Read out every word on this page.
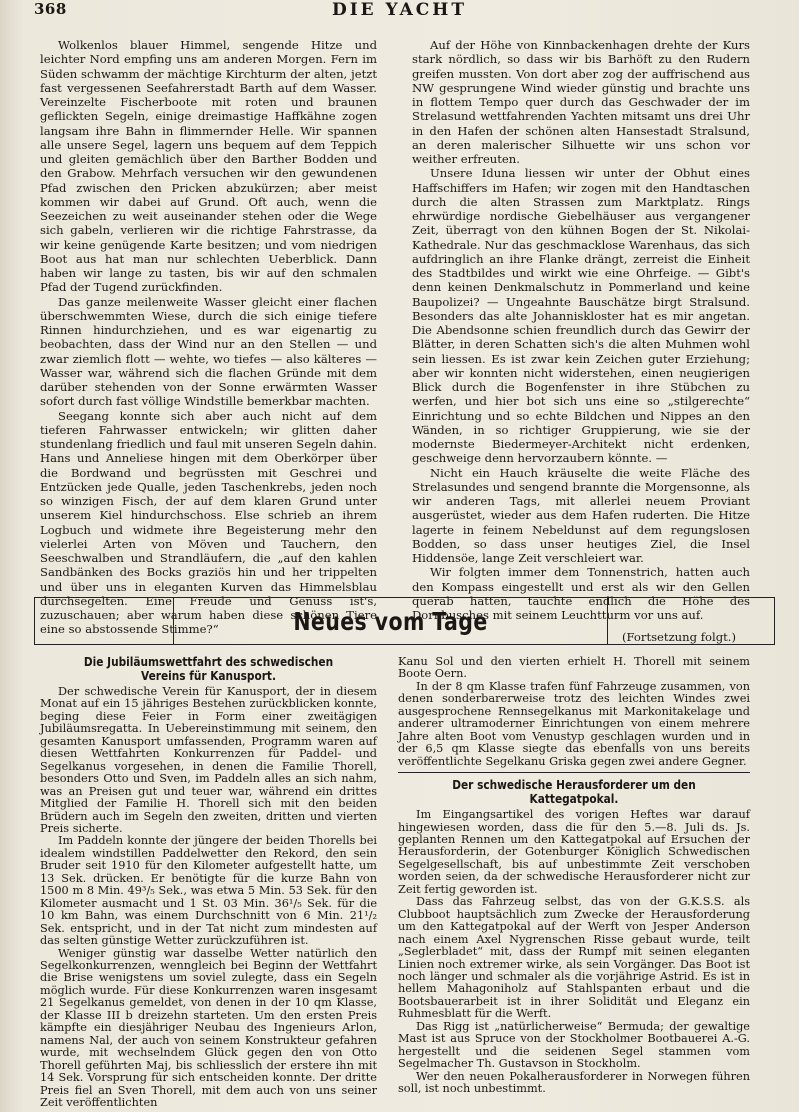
368	DIE YACHT

Wolkenlos blauer Himmel, sengende Hitze und leichter Nord empfing uns am anderen Morgen. Fern im Süden schwamm der mächtige Kirchturm der alten, jetzt fast vergessenen Seefahrerstadt Barth auf dem Wasser. Vereinzelte Fischerboote mit roten und braunen geflickten Segeln, einige dreimastige Haffkähne zogen langsam ihre Bahn in flimmernder Helle. Wir spannen alle unsere Segel, lagern uns bequem auf dem Teppich und gleiten gemächlich über den Barther Bodden und den Grabow. Mehrfach versuchen wir den gewundenen Pfad zwischen den Pricken abzukürzen; aber meist kommen wir dabei auf Grund. Oft auch, wenn die Seezeichen zu weit auseinander stehen oder die Wege sich gabeln, verlieren wir die richtige Fahrstrasse, da wir keine genügende Karte besitzen; und vom niedrigen Boot aus hat man nur schlechten Ueberblick. Dann haben wir lange zu tasten, bis wir auf den schmalen Pfad der Tugend zurückfinden.

Das ganze meilenweite Wasser gleicht einer flachen überschwemmten Wiese, durch die sich einige tiefere Rinnen hindurchziehen, und es war eigenartig zu beobachten, dass der Wind nur an den Stellen — und zwar ziemlich flott — wehte, wo tiefes — also kälteres — Wasser war, während sich die flachen Gründe mit dem darüber stehenden von der Sonne erwärmten Wasser sofort durch fast völlige Windstille bemerkbar machten.

Seegang konnte sich aber auch nicht auf dem tieferen Fahrwasser entwickeln; wir glitten daher stundenlang friedlich und faul mit unseren Segeln dahin. Hans und Anneliese hingen mit dem Oberkörper über die Bordwand und begrüssten mit Geschrei und Entzücken jede Qualle, jeden Taschenkrebs, jeden noch so winzigen Fisch, der auf dem klaren Grund unter unserem Kiel hindurchschoss. Else schrieb an ihrem Logbuch und widmete ihre Begeisterung mehr den vielerlei Arten von Möven und Tauchern, den Seeschwalben und Strandläufern, die „auf den kahlen Sandbänken des Bocks graziös hin und her trippelten und über uns in eleganten Kurven das Himmelsblau durchsegelten. Eine Freude und Genuss ist's, zuzuschauen; aber warum haben diese schönen Tiere eine so abstossende Stimme?“

Auf der Höhe von Kinnbackenhagen drehte der Kurs stark nördlich, so dass wir bis Barhöft zu den Rudern greifen mussten. Von dort aber zog der auffrischend aus NW gesprungene Wind wieder günstig und brachte uns in flottem Tempo quer durch das Geschwader der im Strelasund wettfahrenden Yachten mitsamt uns drei Uhr in den Hafen der schönen alten Hansestadt Stralsund, an deren malerischer Silhuette wir uns schon vor weither erfreuten.

Unsere Iduna liessen wir unter der Obhut eines Haffschiffers im Hafen; wir zogen mit den Handtaschen durch die alten Strassen zum Marktplatz. Rings ehrwürdige nordische Giebelhäuser aus vergangener Zeit, überragt von den kühnen Bogen der St. Nikolai-Kathedrale. Nur das geschmacklose Warenhaus, das sich aufdringlich an ihre Flanke drängt, zerreist die Einheit des Stadtbildes und wirkt wie eine Ohrfeige. — Gibt's denn keinen Denkmalschutz in Pommerland und keine Baupolizei? — Ungeahnte Bauschätze birgt Stralsund. Besonders das alte Johanniskloster hat es mir angetan. Die Abendsonne schien freundlich durch das Gewirr der Blätter, in deren Schatten sich's die alten Muhmen wohl sein liessen. Es ist zwar kein Zeichen guter Erziehung; aber wir konnten nicht widerstehen, einen neugierigen Blick durch die Bogenfenster in ihre Stübchen zu werfen, und hier bot sich uns eine so „stilgerechte“ Einrichtung und so echte Bildchen und Nippes an den Wänden, in so richtiger Gruppierung, wie sie der modernste Biedermeyer-Architekt nicht erdenken, geschweige denn hervorzaubern könnte. —

Nicht ein Hauch kräuselte die weite Fläche des Strelasundes und sengend brannte die Morgensonne, als wir anderen Tags, mit allerlei neuem Proviant ausgerüstet, wieder aus dem Hafen ruderten. Die Hitze lagerte in feinem Nebeldunst auf dem regungslosen Bodden, so dass unser heutiges Ziel, die Insel Hiddensöe, lange Zeit verschleiert war.

Wir folgten immer dem Tonnenstrich, hatten auch den Kompass eingestellt und erst als wir den Gellen querab hatten, tauchte endlich die Höhe des Dornbusches mit seinem Leuchtturm vor uns auf.

(Fortsetzung folgt.)
Neues vom Tage
Die Jubiläumswettfahrt des schwedischen Vereins für Kanusport.

Der schwedische Verein für Kanusport, der in diesem Monat auf ein 15 jähriges Bestehen zurückblicken konnte, beging diese Feier in Form einer zweitägigen Jubiläumsregatta. In Uebereinstimmung mit seinem, den gesamten Kanusport umfassenden, Programm waren auf diesen Wettfahrten Konkurrenzen für Paddel- und Segelkanus vorgesehen, in denen die Familie Thorell, besonders Otto und Sven, im Paddeln alles an sich nahm, was an Preisen gut und teuer war, während ein drittes Mitglied der Familie H. Thorell sich mit den beiden Brüdern auch im Segeln den zweiten, dritten und vierten Preis sicherte.

Im Paddeln konnte der jüngere der beiden Thorells bei idealem windstillen Paddelwetter den Rekord, den sein Bruder seit 1910 für den Kilometer aufgestellt hatte, um 13 Sek. drücken. Er benötigte für die kurze Bahn von 1500 m 8 Min. 49³/₅ Sek., was etwa 5 Min. 53 Sek. für den Kilometer ausmacht und 1 St. 03 Min. 36¹/₅ Sek. für die 10 km Bahn, was einem Durchschnitt von 6 Min. 21¹/₂ Sek. entspricht, und in der Tat nicht zum mindesten auf das selten günstige Wetter zurückzuführen ist.

Weniger günstig war dasselbe Wetter natürlich den Segelkonkurrenzen, wenngleich bei Beginn der Wettfahrt die Brise wenigstens um soviel zulegte, dass ein Segeln möglich wurde. Für diese Konkurrenzen waren insgesamt 21 Segelkanus gemeldet, von denen in der 10 qm Klasse, der Klasse III b dreizehn starteten. Um den ersten Preis kämpfte ein diesjähriger Neubau des Ingenieurs Arlon, namens Nal, der auch von seinem Konstrukteur gefahren wurde, mit wechselndem Glück gegen den von Otto Thorell geführten Maj, bis schliesslich der erstere ihn mit 14 Sek. Vorsprung für sich entscheiden konnte. Der dritte Preis fiel an Sven Thorell, mit dem auch von uns seiner Zeit veröffentlichten

Kanu Sol und den vierten erhielt H. Thorell mit seinem Boote Oern.

In der 8 qm Klasse trafen fünf Fahrzeuge zusammen, von denen sonderbarerweise trotz des leichten Windes zwei ausgesprochene Rennsegelkanus mit Markonitakelage und anderer ultramoderner Einrichtungen von einem mehrere Jahre alten Boot vom Venustyp geschlagen wurden und in der 6,5 qm Klasse siegte das ebenfalls von uns bereits veröffentlichte Segelkanu Griska gegen zwei andere Gegner.

Der schwedische Herausforderer um den Kattegatpokal.

Im Eingangsartikel des vorigen Heftes war darauf hingewiesen worden, dass die für den 5.—8. Juli ds. Js. geplanten Rennen um den Kattegatpokal auf Ersuchen der Herausforderin, der Gotenburger Königlich Schwedischen Segelgesellschaft, bis auf unbestimmte Zeit verschoben worden seien, da der schwedische Herausforderer nicht zur Zeit fertig geworden ist.

Dass das Fahrzeug selbst, das von der G.K.S.S. als Clubboot hauptsächlich zum Zwecke der Herausforderung um den Kattegatpokal auf der Werft von Jesper Anderson nach einem Axel Nygrenschen Risse gebaut wurde, teilt „Seglerbladet“ mit, dass der Rumpf mit seinen eleganten Linien noch extremer wirke, als sein Vorgänger. Das Boot ist noch länger und schmaler als die vorjährige Astrid. Es ist in hellem Mahagoniholz auf Stahlspanten erbaut und die Bootsbauerarbeit ist in ihrer Solidität und Eleganz ein Ruhmesblatt für die Werft.

Das Rigg ist „natürlicherweise“ Bermuda; der gewaltige Mast ist aus Spruce von der Stockholmer Bootbauerei A.-G. hergestellt und die seidenen Segel stammen vom Segelmacher Th. Gustavson in Stockholm.

Wer den neuen Pokalherausforderer in Norwegen führen soll, ist noch unbestimmt.
